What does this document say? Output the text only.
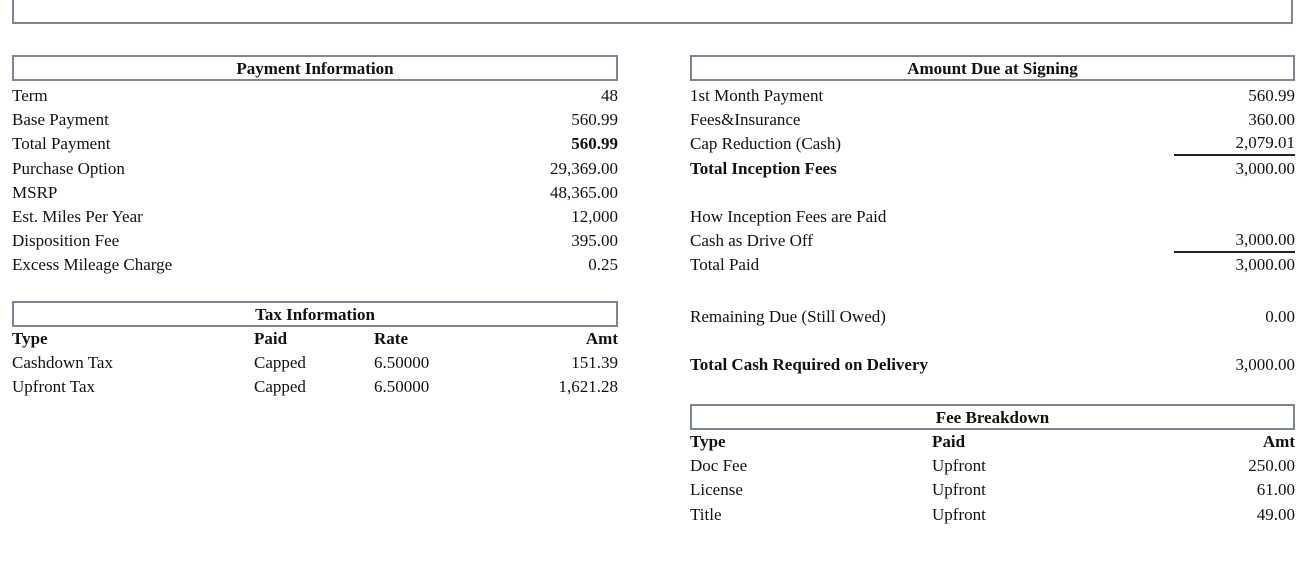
Payment Information
Term	48
Base Payment	560.99
Total Payment	560.99
Purchase Option	29,369.00
MSRP	48,365.00
Est. Miles Per Year	12,000
Disposition Fee	395.00
Excess Mileage Charge	0.25
Tax Information
Type	Paid	Rate	Amt
Cashdown Tax	Capped	6.50000	151.39
Upfront Tax	Capped	6.50000	1,621.28
Amount Due at Signing
1st Month Payment	560.99
Fees&Insurance	360.00
Cap Reduction (Cash)	2,079.01
Total Inception Fees	3,000.00
How Inception Fees are Paid
Cash as Drive Off	3,000.00
Total Paid	3,000.00
Remaining Due (Still Owed)	0.00
Total Cash Required on Delivery	3,000.00
Fee Breakdown
Type	Paid	Amt
Doc Fee	Upfront	250.00
License	Upfront	61.00
Title	Upfront	49.00
